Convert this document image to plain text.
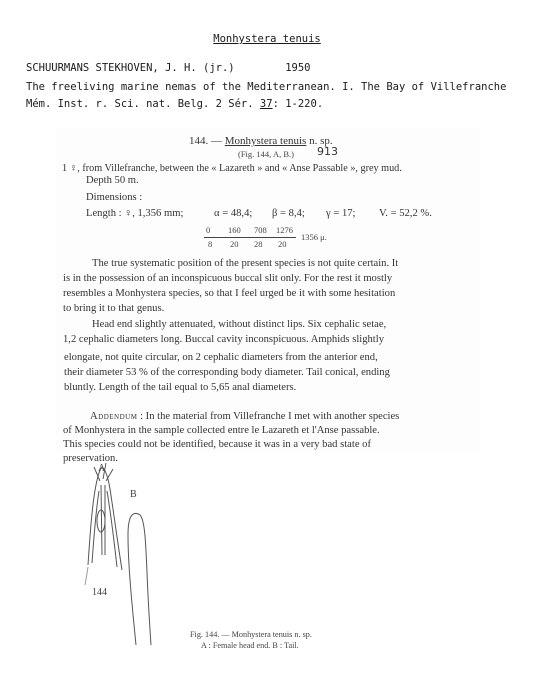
Monhystera tenuis
SCHUURMANS STEKHOVEN, J. H. (jr.)	1950
The freeliving marine nemas of the Mediterranean. I. The Bay of Villefranche
Mém. Inst. r. Sci. nat. Belg. 2 Sér. 37: 1-220.
144. — Monhystera tenuis n. sp.
(Fig. 144, A, B.) 913
1 ♀, from Villefranche, between the « Lazareth » and « Anse Passable », grey mud.
Depth 50 m.
Dimensions :
Length : ♀, 1,356 mm;	α = 48,4; β = 8,4; γ = 17; V. = 52,2 %.
0 160 708 1276
8 20 28 20
1356 μ.
The true systematic position of the present species is not quite certain. It
is in the possession of an inconspicuous buccal slit only. For the rest it mostly
resembles a Monhystera species, so that I feel urged be it with some hesitation
to bring it to that genus.
Head end slightly attenuated, without distinct lips. Six cephalic setae,
1,2 cephalic diameters long. Buccal cavity inconspicuous. Amphids slightly
elongate, not quite circular, on 2 cephalic diameters from the anterior end,
their diameter 53 % of the corresponding body diameter. Tail conical, ending
bluntly. Length of the tail equal to 5,65 anal diameters.
Addendum : In the material from Villefranche I met with another species
of Monhystera in the sample collected entre le Lazareth et l'Anse passable.
This species could not be identified, because it was in a very bad state of
preservation.
A
B
144
Fig. 144. — Monhystera tenuis n. sp.
A : Female head end. B : Tail.
